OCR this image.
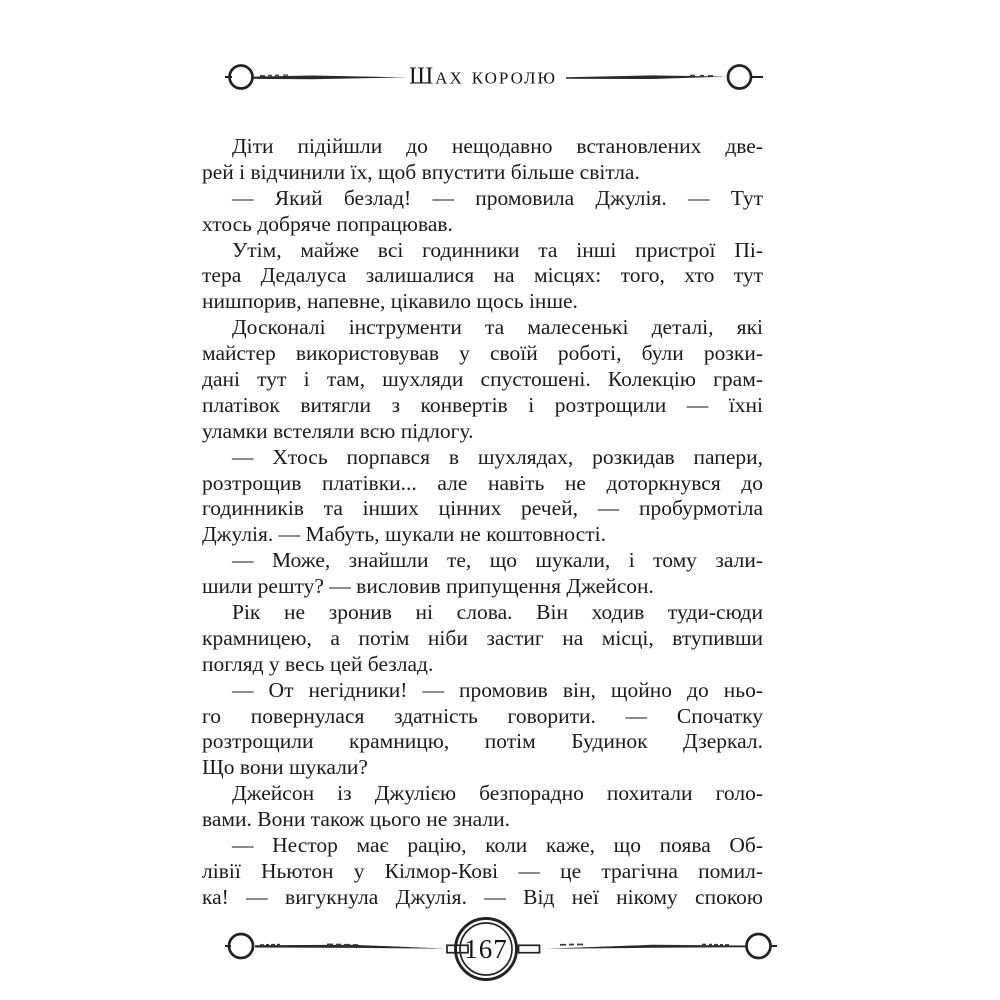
Шах королю
Діти підійшли до нещодавно встановлених две-
рей і відчинили їх, щоб впустити більше світла.
— Який безлад! — промовила Джулія. — Тут
хтось добряче попрацював.
Утім, майже всі годинники та інші пристрої Пі-
тера Дедалуса залишалися на місцях: того, хто тут
нишпорив, напевне, цікавило щось інше.
Досконалі інструменти та малесенькі деталі, які
майстер використовував у своїй роботі, були розки-
дані тут і там, шухляди спустошені. Колекцію грам-
платівок витягли з конвертів і розтрощили — їхні
уламки встеляли всю підлогу.
— Хтось порпався в шухлядах, розкидав папери,
розтрощив платівки... але навіть не доторкнувся до
годинників та інших цінних речей, — пробурмотіла
Джулія. — Мабуть, шукали не коштовності.
— Може, знайшли те, що шукали, і тому зали-
шили решту? — висловив припущення Джейсон.
Рік не зронив ні слова. Він ходив туди-сюди
крамницею, а потім ніби застиг на місці, втупивши
погляд у весь цей безлад.
— От негідники! — промовив він, щойно до ньо-
го повернулася здатність говорити. — Спочатку
розтрощили крамницю, потім Будинок Дзеркал.
Що вони шукали?
Джейсон із Джулією безпорадно похитали голо-
вами. Вони також цього не знали.
— Нестор має рацію, коли каже, що поява Об-
лівії Ньютон у Кілмор-Кові — це трагічна помил-
ка! — вигукнула Джулія. — Від неї нікому спокою
167
